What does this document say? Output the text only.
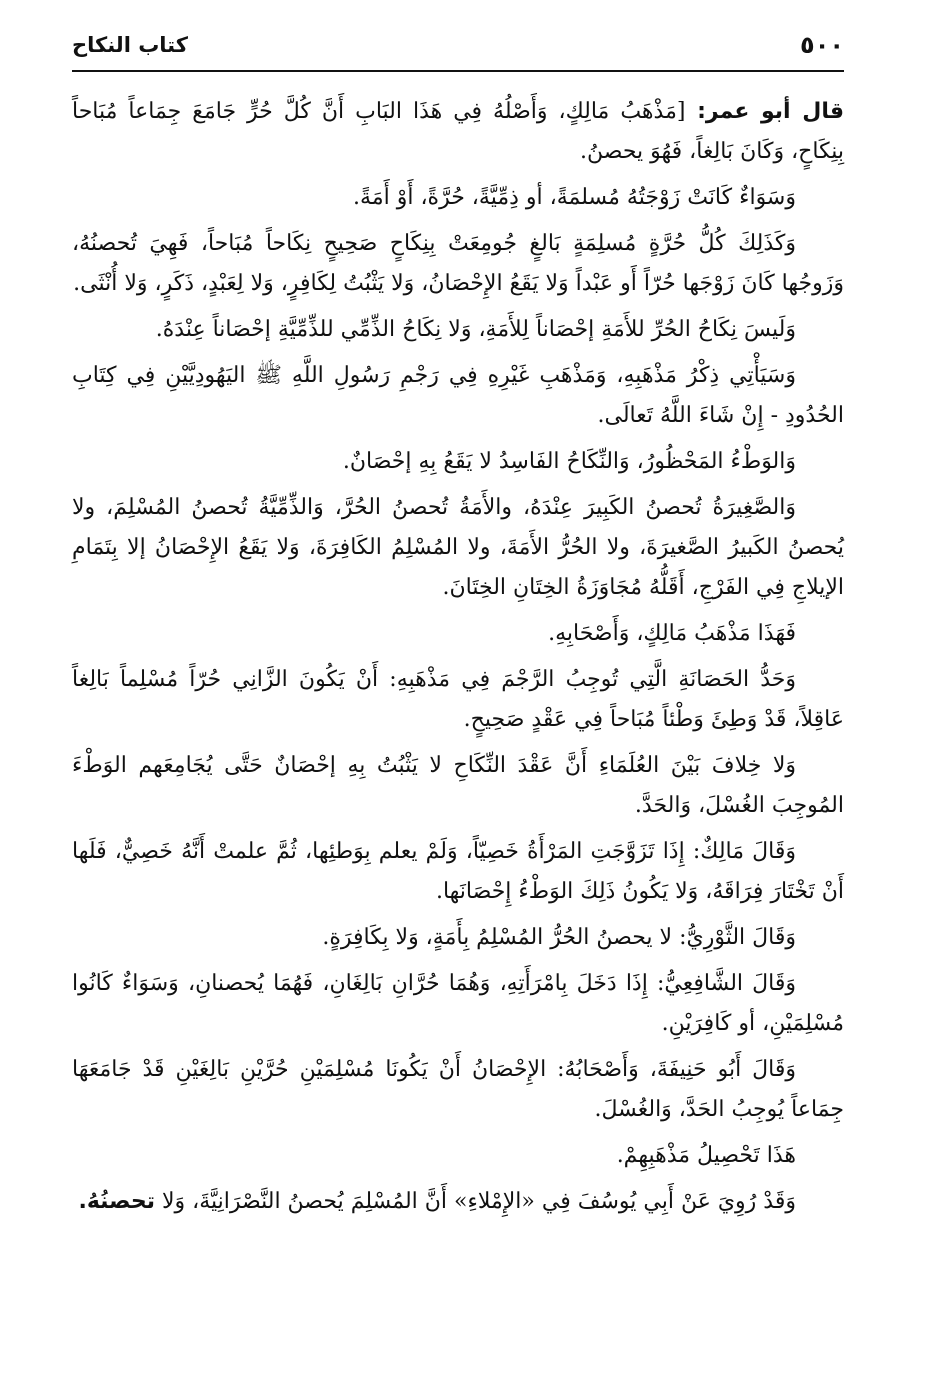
٥٠٠
كتاب النكاح

قال أبو عمر: [مَذْهَبُ مَالِكٍ، وَأَصْلُهُ فِي هَذَا البَابِ أَنَّ كُلَّ حُرٍّ جَامَعَ جِمَاعاً مُبَاحاً بِنِكَاحٍ، وَكَانَ بَالِغاً، فَهُوَ يحصنُ.

وَسَوَاءٌ كَانَتْ زَوْجَتُهُ مُسلمَةً، أو ذِمِّيَّةً، حُرَّةً، أَوْ أَمَةً.

وَكَذَلِكَ كُلُّ حُرَّةٍ مُسلِمَةٍ بَالغٍ جُومِعَتْ بِنِكَاحٍ صَحِيحٍ نِكَاحاً مُبَاحاً، فَهِيَ تُحصنُهُ، وَزَوجُها كَانَ زَوْجَها حُرّاً أَو عَبْداً وَلا يَقَعُ الإِحْصَانُ، وَلا يَثْبُتُ لِكَافِرٍ، وَلا لِعَبْدٍ، ذَكَرٍ، وَلا أُنْثَى.

وَلَيسَ نِكَاحُ الحُرِّ للأَمَةِ إحْصَاناً لِلأَمَةِ، وَلا نِكَاحُ الذِّمِّي للذِّمِّيَّةِ إحْصَاناً عِنْدَهُ.

وَسَيَأْتِي ذِكْرُ مَذْهَبِهِ، وَمَذْهَبِ غَيْرِهِ فِي رَجْمِ رَسُولِ اللَّهِ ﷺ اليَهُودِيَّيْنِ فِي كِتَابِ الحُدُودِ - إِنْ شَاءَ اللَّهُ تَعالَى.

وَالوَطْءُ المَحْظُورُ، وَالنِّكَاحُ الفَاسِدُ لا يَقَعُ بِهِ إحْصَانٌ.

وَالصَّغِيرَةُ تُحصنُ الكَبِيرَ عِنْدَهُ، والأَمَةُ تُحصنُ الحُرَّ، وَالذِّمِّيَّةُ تُحصنُ المُسْلِمَ، ولا يُحصنُ الكَبيرُ الصَّغيرَةَ، ولا الحُرُّ الأَمَةَ، ولا المُسْلِمُ الكَافِرَةَ، وَلا يَقَعُ الإِحْصَانُ إلا بِتَمَامِ الإيلاجِ فِي الفَرْجِ، أَقَلُّهُ مُجَاوَزَةُ الخِتَانِ الخِتَانَ.

فَهَذَا مَذْهَبُ مَالِكٍ، وَأَصْحَابِهِ.

وَحَدُّ الحَصَانَةِ الَّتِي تُوجِبُ الرَّجْمَ فِي مَذْهَبِهِ: أَنْ يَكُونَ الزَّانِي حُرّاً مُسْلِماً بَالِغاً عَاقِلاً، قَدْ وَطِئَ وَطْئاً مُبَاحاً فِي عَقْدٍ صَحِيحٍ.

وَلا خِلافَ بَيْنَ العُلَمَاءِ أَنَّ عَقْدَ النِّكَاحِ لا يَثْبُتُ بِهِ إحْصَانٌ حَتَّى يُجَامِعَهم الوَطْءَ المُوجِبَ الغُسْلَ، وَالحَدَّ.

وَقَالَ مَالِكٌ: إِذَا تَزَوَّجَتِ المَرْأَةُ خَصِيّاً، وَلَمْ يعلم بِوَطئِها، ثُمَّ علمتْ أَنَّهُ خَصِيٌّ، فَلَها أَنْ تَخْتَارَ فِرَاقَهُ، وَلا يَكُونُ ذَلِكَ الوَطْءُ إِحْصَانَها.

وَقَالَ الثَّوْرِيُّ: لا يحصنُ الحُرُّ المُسْلِمُ بِأَمَةٍ، وَلا بِكَافِرَةٍ.

وَقَالَ الشَّافِعِيُّ: إِذَا دَخَلَ بِامْرَأَتِهِ، وَهُمَا حُرَّانِ بَالِغَانِ، فَهُمَا يُحصنانِ، وَسَوَاءٌ كَانُوا مُسْلِمَيْنِ، أو كَافِرَيْنِ.

وَقَالَ أَبُو حَنِيفَةَ، وَأَصْحَابُهُ: الإِحْصَانُ أَنْ يَكُونَا مُسْلِمَيْنِ حُرَّيْنِ بَالِغَيْنِ قَدْ جَامَعَهَا جِمَاعاً يُوجِبُ الحَدَّ، وَالغُسْلَ.

هَذَا تَحْصِيلُ مَذْهَبِهِمْ.

وَقَدْ رُوِيَ عَنْ أَبِي يُوسُفَ فِي «الإِمْلاءِ» أَنَّ المُسْلِمَ يُحصنُ النَّصْرَانِيَّةَ، وَلا تحصنُهُ.
